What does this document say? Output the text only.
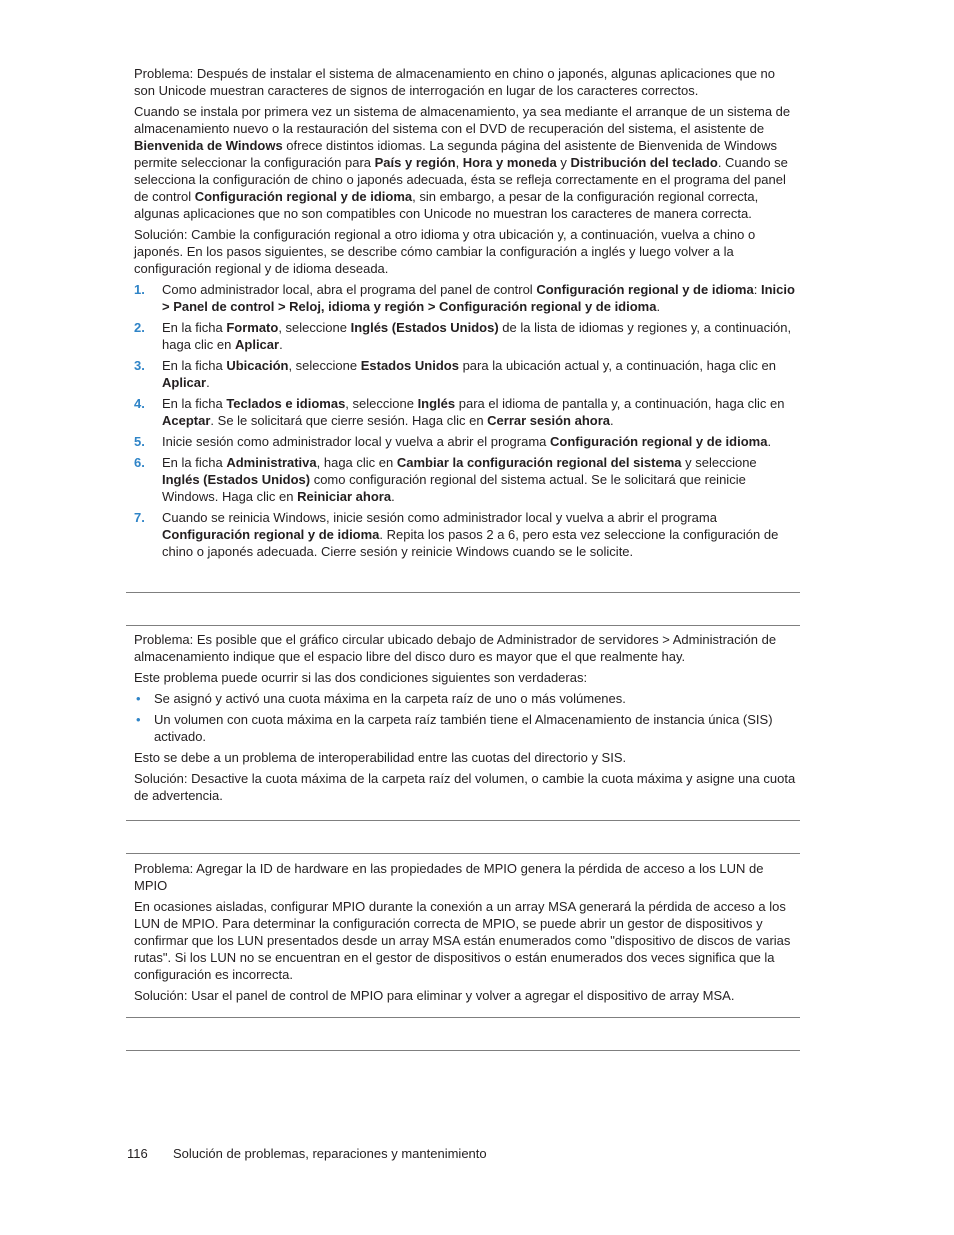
Problema: Después de instalar el sistema de almacenamiento en chino o japonés, algunas aplicaciones que no son Unicode muestran caracteres de signos de interrogación en lugar de los caracteres correctos.

Cuando se instala por primera vez un sistema de almacenamiento, ya sea mediante el arranque de un sistema de almacenamiento nuevo o la restauración del sistema con el DVD de recuperación del sistema, el asistente de Bienvenida de Windows ofrece distintos idiomas. La segunda página del asistente de Bienvenida de Windows permite seleccionar la configuración para País y región, Hora y moneda y Distribución del teclado. Cuando se selecciona la configuración de chino o japonés adecuada, ésta se refleja correctamente en el programa del panel de control Configuración regional y de idioma, sin embargo, a pesar de la configuración regional correcta, algunas aplicaciones que no son compatibles con Unicode no muestran los caracteres de manera correcta.

Solución: Cambie la configuración regional a otro idioma y otra ubicación y, a continuación, vuelva a chino o japonés. En los pasos siguientes, se describe cómo cambiar la configuración a inglés y luego volver a la configuración regional y de idioma deseada.

1. Como administrador local, abra el programa del panel de control Configuración regional y de idioma: Inicio > Panel de control > Reloj, idioma y región > Configuración regional y de idioma.
2. En la ficha Formato, seleccione Inglés (Estados Unidos) de la lista de idiomas y regiones y, a continuación, haga clic en Aplicar.
3. En la ficha Ubicación, seleccione Estados Unidos para la ubicación actual y, a continuación, haga clic en Aplicar.
4. En la ficha Teclados e idiomas, seleccione Inglés para el idioma de pantalla y, a continuación, haga clic en Aceptar. Se le solicitará que cierre sesión. Haga clic en Cerrar sesión ahora.
5. Inicie sesión como administrador local y vuelva a abrir el programa Configuración regional y de idioma.
6. En la ficha Administrativa, haga clic en Cambiar la configuración regional del sistema y seleccione Inglés (Estados Unidos) como configuración regional del sistema actual. Se le solicitará que reinicie Windows. Haga clic en Reiniciar ahora.
7. Cuando se reinicia Windows, inicie sesión como administrador local y vuelva a abrir el programa Configuración regional y de idioma. Repita los pasos 2 a 6, pero esta vez seleccione la configuración de chino o japonés adecuada. Cierre sesión y reinicie Windows cuando se le solicite.

Problema: Es posible que el gráfico circular ubicado debajo de Administrador de servidores > Administración de almacenamiento indique que el espacio libre del disco duro es mayor que el que realmente hay.

Este problema puede ocurrir si las dos condiciones siguientes son verdaderas:

• Se asignó y activó una cuota máxima en la carpeta raíz de uno o más volúmenes.
• Un volumen con cuota máxima en la carpeta raíz también tiene el Almacenamiento de instancia única (SIS) activado.

Esto se debe a un problema de interoperabilidad entre las cuotas del directorio y SIS.

Solución: Desactive la cuota máxima de la carpeta raíz del volumen, o cambie la cuota máxima y asigne una cuota de advertencia.

Problema: Agregar la ID de hardware en las propiedades de MPIO genera la pérdida de acceso a los LUN de MPIO

En ocasiones aisladas, configurar MPIO durante la conexión a un array MSA generará la pérdida de acceso a los LUN de MPIO. Para determinar la configuración correcta de MPIO, se puede abrir un gestor de dispositivos y confirmar que los LUN presentados desde un array MSA están enumerados como "dispositivo de discos de varias rutas". Si los LUN no se encuentran en el gestor de dispositivos o están enumerados dos veces significa que la configuración es incorrecta.

Solución: Usar el panel de control de MPIO para eliminar y volver a agregar el dispositivo de array MSA.

116 Solución de problemas, reparaciones y mantenimiento
